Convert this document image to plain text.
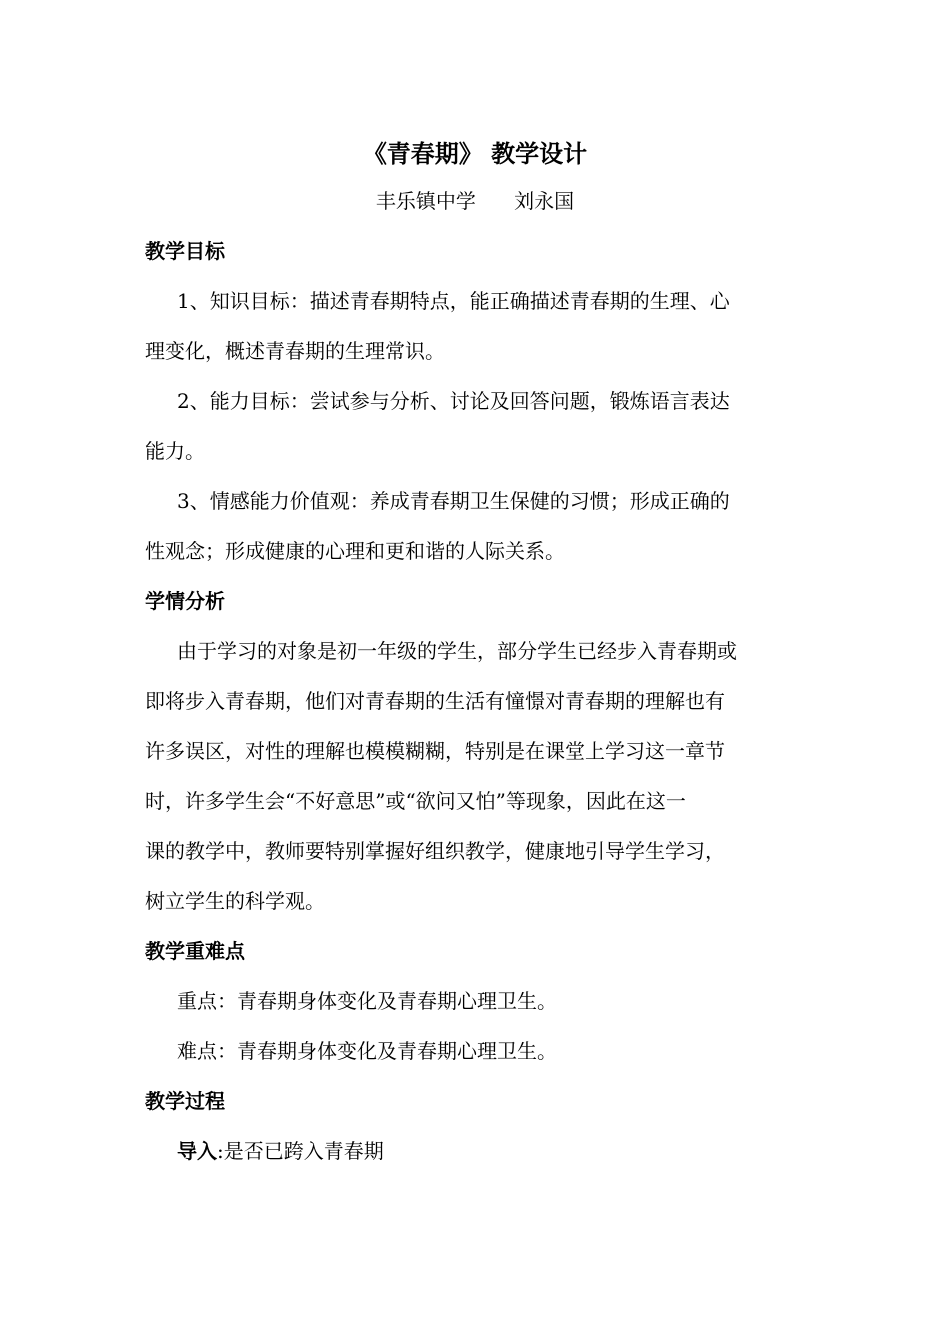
《青春期》 教学设计
丰乐镇中学      刘永国
教学目标

1、知识目标：描述青春期特点，能正确描述青春期的生理、心
理变化，概述青春期的生理常识。

2、能力目标：尝试参与分析、讨论及回答问题，锻炼语言表达
能力。

3、情感能力价值观：养成青春期卫生保健的习惯；形成正确的
性观念；形成健康的心理和更和谐的人际关系。

学情分析

由于学习的对象是初一年级的学生，部分学生已经步入青春期或
即将步入青春期，他们对青春期的生活有憧憬对青春期的理解也有
许多误区，对性的理解也模模糊糊，特别是在课堂上学习这一章节
时，许多学生会“不好意思”或“欲问又怕”等现象，因此在这一
课的教学中，教师要特别掌握好组织教学，健康地引导学生学习，
树立学生的科学观。

教学重难点

重点：青春期身体变化及青春期心理卫生。

难点：青春期身体变化及青春期心理卫生。

教学过程

导入:是否已跨入青春期
